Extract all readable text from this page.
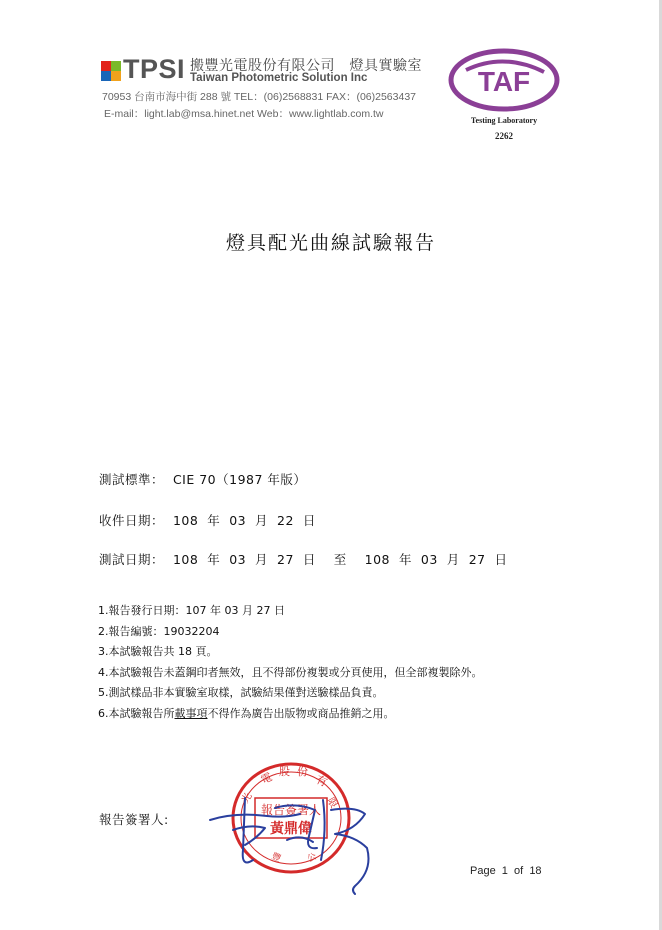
TPSI 搬豐光電股份有限公司　燈具實驗室
Taiwan Photometric Solution Inc
70953 台南市海中街 288 號 TEL：(06)2568831 FAX：(06)2563437
E-mail：light.lab@msa.hinet.net Web：www.lightlab.com.tw
TAF
Testing Laboratory
2262
燈具配光曲線試驗報告
測試標準：  CIE 70（1987 年版）
收件日期：  108  年  03  月  22  日
測試日期：  108  年  03  月  27  日    至    108  年  03  月  27  日
1.報告發行日期：107 年 03 月 27 日
2.報告編號：19032204
3.本試驗報告共 18 頁。
4.本試驗報告未蓋鋼印者無效，且不得部份複製或分頁使用，但全部複製除外。
5.測試樣品非本實驗室取樣，試驗結果僅對送驗樣品負責。
6.本試驗報告所載事項不得作為廣告出版物或商品推銷之用。
報告簽署人:
電 股 份
有
限
光
報告簽署人
黃鼎偉
豐	公
Page  1  of  18
